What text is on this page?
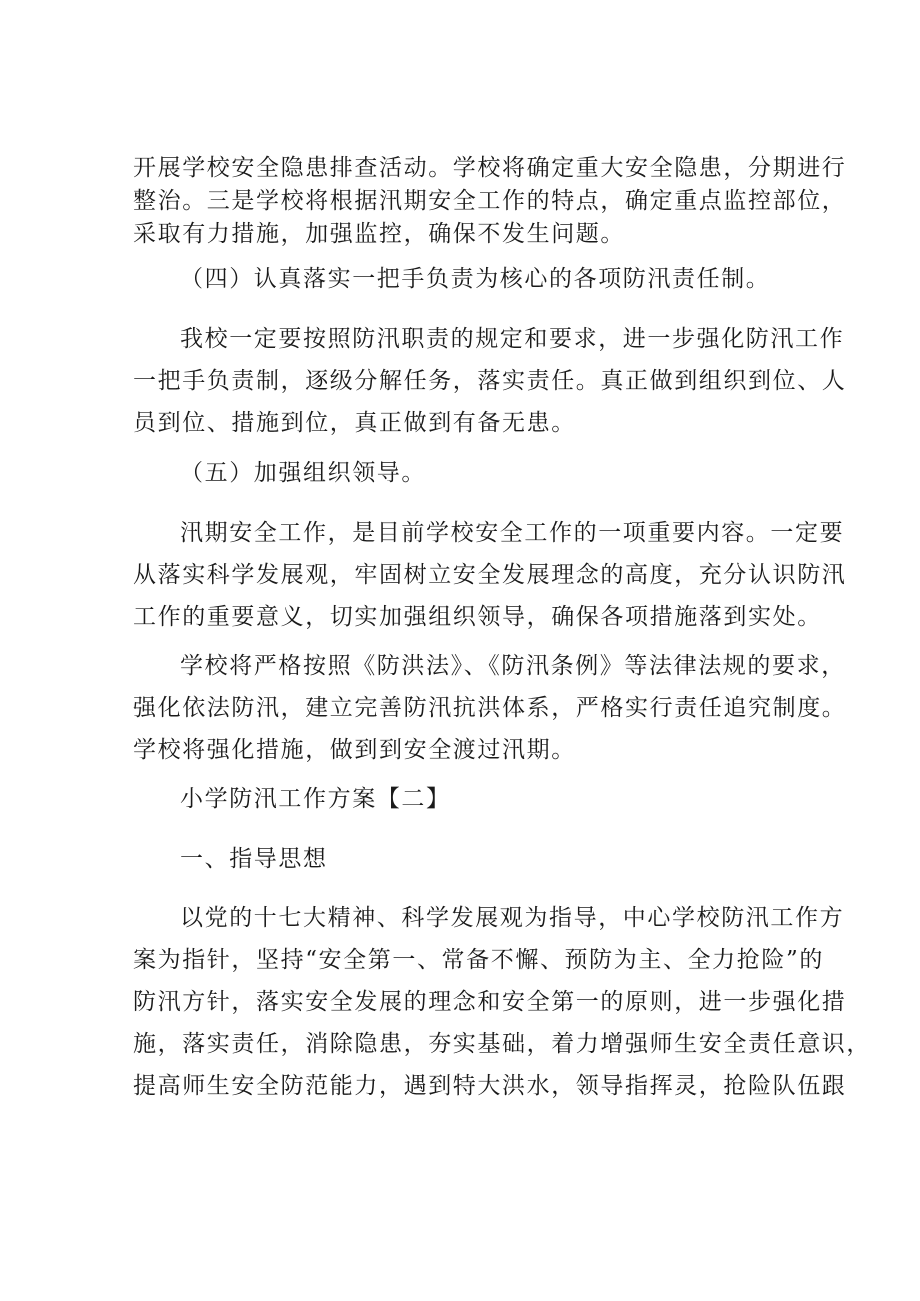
开展学校安全隐患排查活动。学校将确定重大安全隐患，分期进行

整治。三是学校将根据汛期安全工作的特点，确定重点监控部位，

采取有力措施，加强监控，确保不发生问题。

（四）认真落实一把手负责为核心的各项防汛责任制。

我校一定要按照防汛职责的规定和要求，进一步强化防汛工作

一把手负责制，逐级分解任务，落实责任。真正做到组织到位、人

员到位、措施到位，真正做到有备无患。

（五）加强组织领导。

汛期安全工作，是目前学校安全工作的一项重要内容。一定要

从落实科学发展观，牢固树立安全发展理念的高度，充分认识防汛

工作的重要意义，切实加强组织领导，确保各项措施落到实处。

学校将严格按照《防洪法》、《防汛条例》等法律法规的要求，

强化依法防汛，建立完善防汛抗洪体系，严格实行责任追究制度。

学校将强化措施，做到到安全渡过汛期。

小学防汛工作方案【二】

一、指导思想

以党的十七大精神、科学发展观为指导，中心学校防汛工作方

案为指针，坚持“安全第一、常备不懈、预防为主、全力抢险”的

防汛方针，落实安全发展的理念和安全第一的原则，进一步强化措

施，落实责任，消除隐患，夯实基础，着力增强师生安全责任意识，

提高师生安全防范能力，遇到特大洪水，领导指挥灵，抢险队伍跟
